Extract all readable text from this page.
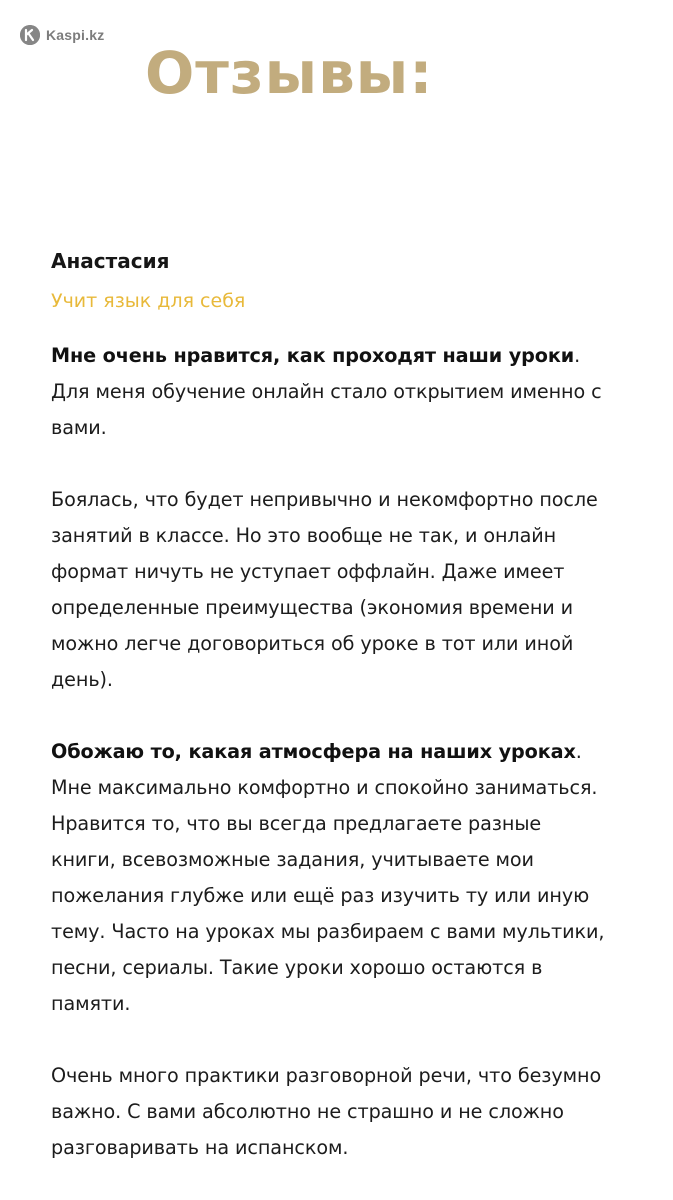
Kaspi.kz
Отзывы:

Анастасия

Учит язык для себя

Мне очень нравится, как проходят наши уроки. Для меня обучение онлайн стало открытием именно с вами.

Боялась, что будет непривычно и некомфортно после занятий в классе. Но это вообще не так, и онлайн формат ничуть не уступает оффлайн. Даже имеет определенные преимущества (экономия времени и можно легче договориться об уроке в тот или иной день).

Обожаю то, какая атмосфера на наших уроках. Мне максимально комфортно и спокойно заниматься. Нравится то, что вы всегда предлагаете разные книги, всевозможные задания, учитываете мои пожелания глубже или ещё раз изучить ту или иную тему. Часто на уроках мы разбираем с вами мультики, песни, сериалы. Такие уроки хорошо остаются в памяти.

Очень много практики разговорной речи, что безумно важно. С вами абсолютно не страшно и не сложно разговаривать на испанском.
